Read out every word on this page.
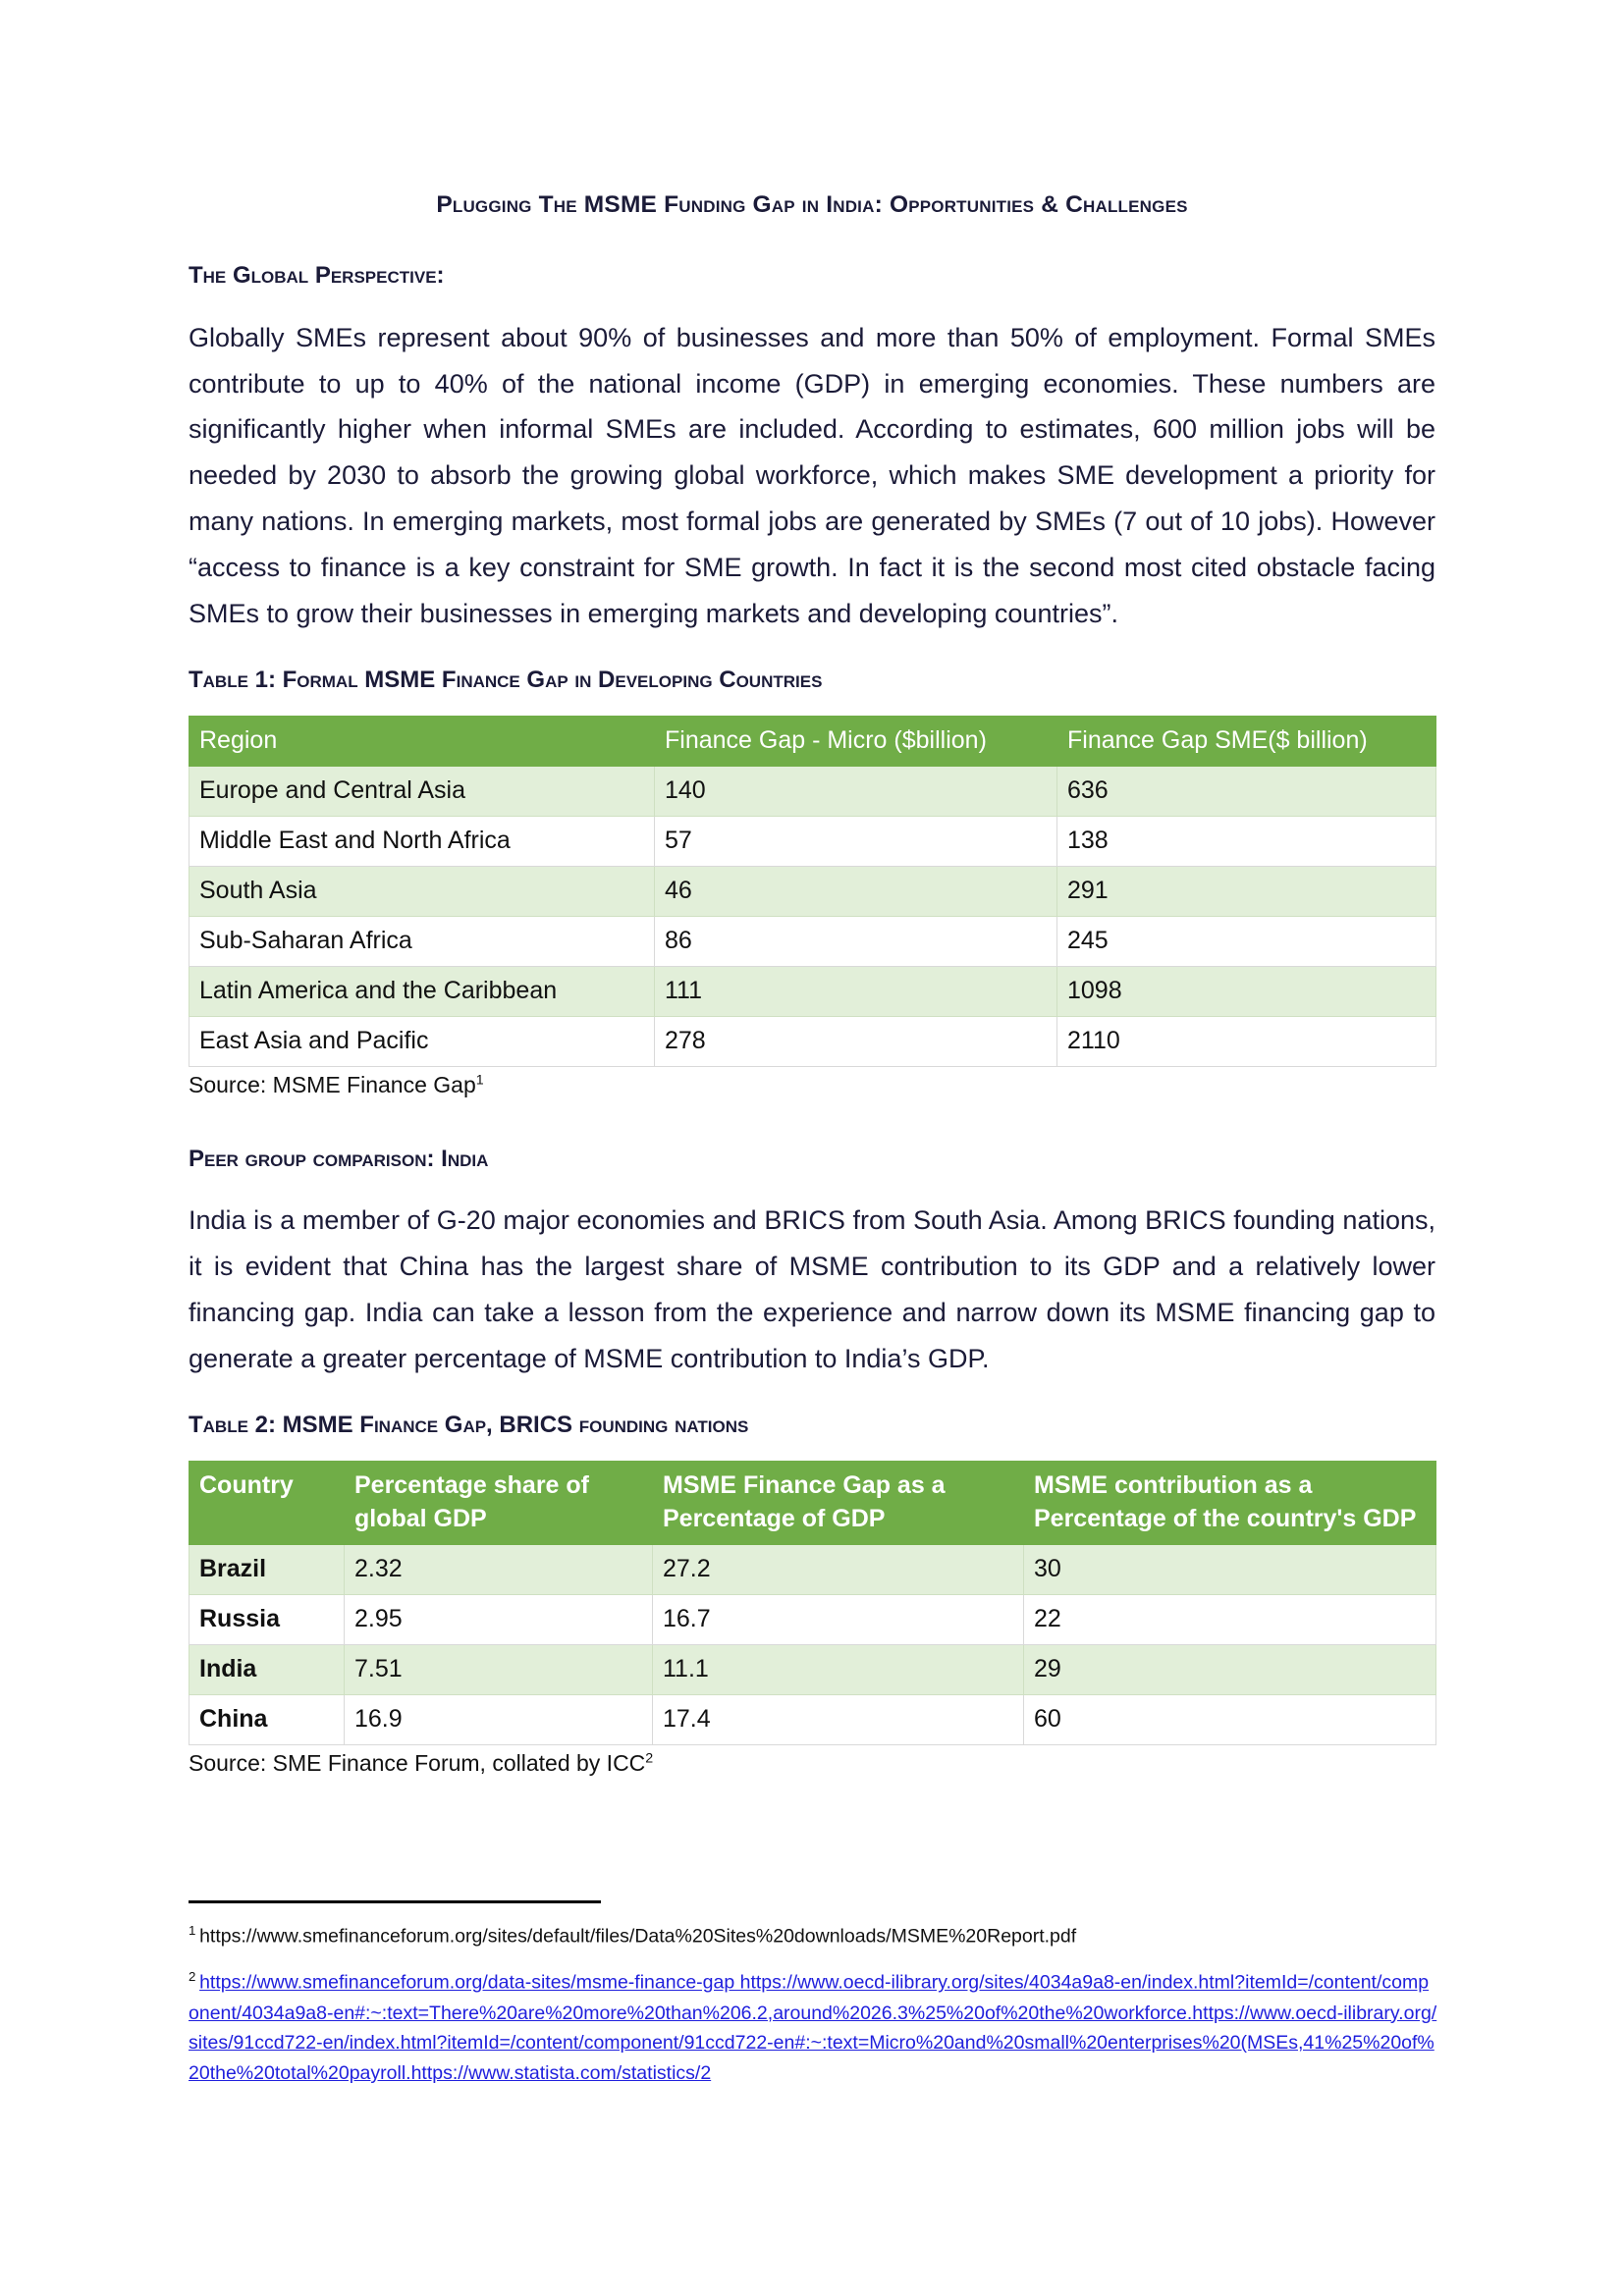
Plugging The MSME Funding Gap in India: Opportunities & Challenges
The Global Perspective:

Globally SMEs represent about 90% of businesses and more than 50% of employment. Formal SMEs contribute to up to 40% of the national income (GDP) in emerging economies. These numbers are significantly higher when informal SMEs are included. According to estimates, 600 million jobs will be needed by 2030 to absorb the growing global workforce, which makes SME development a priority for many nations. In emerging markets, most formal jobs are generated by SMEs (7 out of 10 jobs). However “access to finance is a key constraint for SME growth. In fact it is the second most cited obstacle facing SMEs to grow their businesses in emerging markets and developing countries”.

Table 1: Formal MSME Finance Gap in Developing Countries
Region	Finance Gap - Micro ($billion)	Finance Gap SME($ billion)
Europe and Central Asia	140	636
Middle East and North Africa	57	138
South Asia	46	291
Sub-Saharan Africa	86	245
Latin America and the Caribbean	111	1098
East Asia and Pacific	278	2110

Source: MSME Finance Gap$^1$

Peer group comparison: India

India is a member of G-20 major economies and BRICS from South Asia. Among BRICS founding nations, it is evident that China has the largest share of MSME contribution to its GDP and a relatively lower financing gap. India can take a lesson from the experience and narrow down its MSME financing gap to generate a greater percentage of MSME contribution to India’s GDP.

Table 2: MSME Finance Gap, BRICS founding nations
Country	Percentage share of global GDP	MSME Finance Gap as a Percentage of GDP	MSME contribution as a Percentage of the country's GDP
Brazil	2.32	27.2	30
Russia	2.95	16.7	22
India	7.51	11.1	29
China	16.9	17.4	60

Source: SME Finance Forum, collated by ICC$^2$

$^1$ https://www.smefinanceforum.org/sites/default/files/Data%20Sites%20downloads/MSME%20Report.pdf
$^2$ https://www.smefinanceforum.org/data-sites/msme-finance-gap https://www.oecd-ilibrary.org/sites/4034a9a8-en/index.html?itemId=/content/component/4034a9a8-en#:~:text=There%20are%20more%20than%206.2,around%2026.3%25%20of%20the%20workforce.https://www.oecd-ilibrary.org/sites/91ccd722-en/index.html?itemId=/content/component/91ccd722-en#:~:text=Micro%20and%20small%20enterprises%20(MSEs,41%25%20of%20the%20total%20payroll.https://www.statista.com/statistics/2
